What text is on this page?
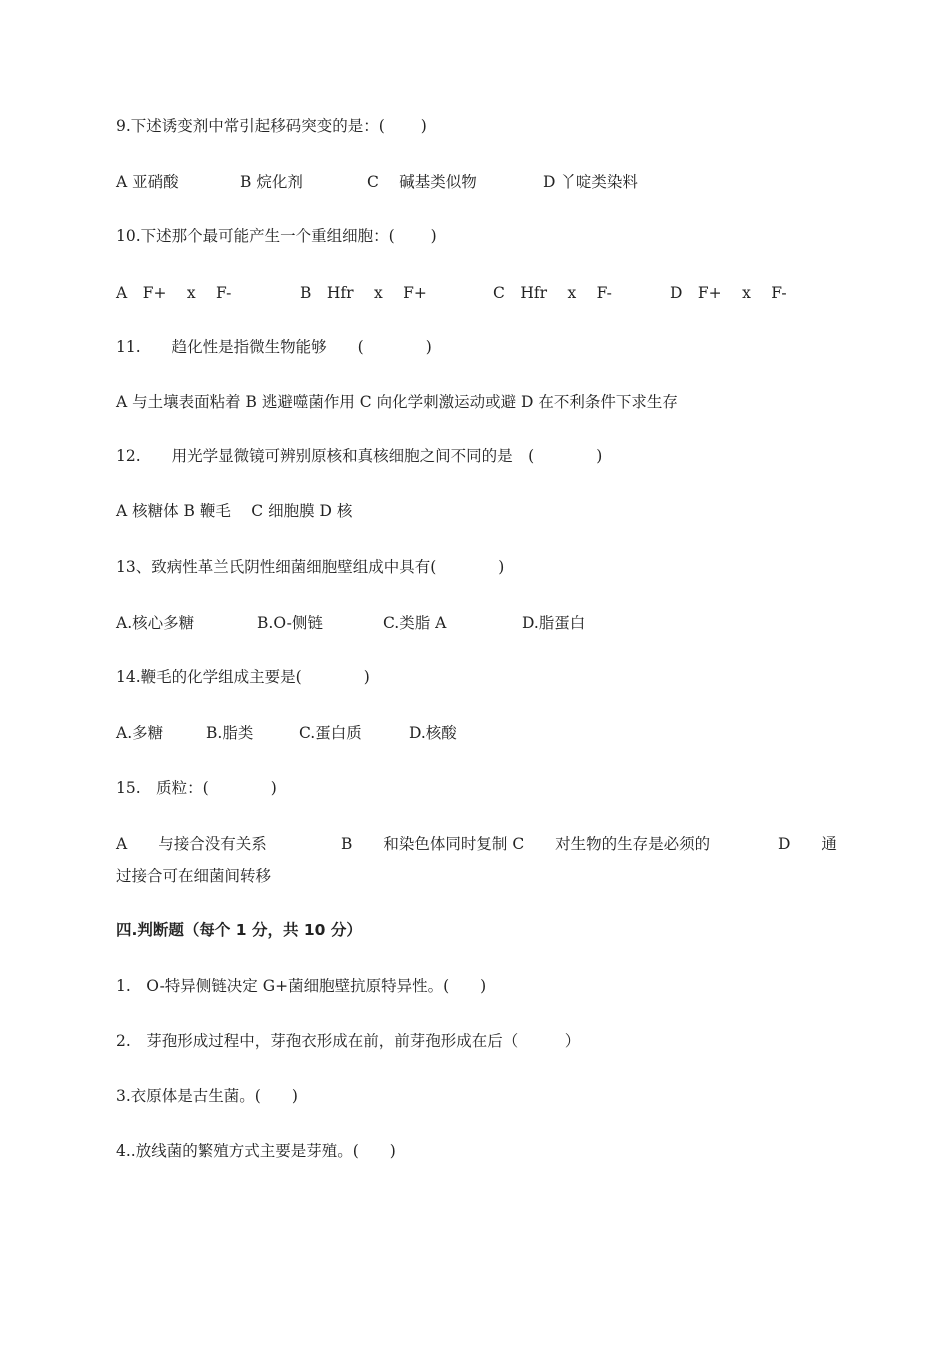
9.下述诱变剂中常引起移码突变的是：(　 　)
A 亚硝酸	B 烷化剂	C　 碱基类似物	D 丫啶类染料
10.下述那个最可能产生一个重组细胞：(　 　)
A　F+　 x　 F-	B　Hfr　 x　 F+	C　Hfr　 x　 F-	D　F+　 x　 F-
11.　　趋化性是指微生物能够　　(　　　　)
A 与土壤表面粘着 B 逃避噬菌作用 C 向化学刺激运动或避 D 在不利条件下求生存
12.　　用光学显微镜可辨别原核和真核细胞之间不同的是　(　　　　)
A 核糖体 B 鞭毛　 C 细胞膜 D 核
13、致病性革兰氏阴性细菌细胞壁组成中具有(　　　　)
A.核心多糖	B.O-侧链	C.类脂 A	D.脂蛋白
14.鞭毛的化学组成主要是(　　　　)
A.多糖	B.脂类	C.蛋白质	D.核酸
15.　质粒：(　　　　)
A　　与接合没有关系	B　　和染色体同时复制 C　　对生物的生存是必须的	D　　通
过接合可在细菌间转移
四.判断题（每个 1 分，共 10 分）
1.　O-特异侧链决定 G+菌细胞壁抗原特异性。(　　)
2.　芽孢形成过程中，芽孢衣形成在前，前芽孢形成在后（　　　）
3.衣原体是古生菌。(　　)
4..放线菌的繁殖方式主要是芽殖。(　　)
